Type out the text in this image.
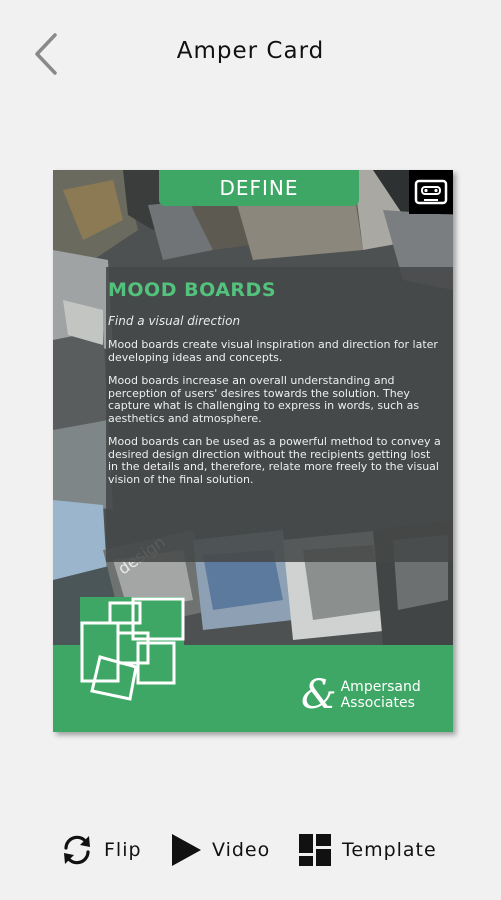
Amper Card
DEFINE
MOOD BOARDS
Find a visual direction
Mood boards create visual inspiration and direction for later developing ideas and concepts.
Mood boards increase an overall understanding and perception of users' desires towards the solution. They capture what is challenging to express in words, such as aesthetics and atmosphere.
Mood boards can be used as a powerful method to convey a desired design direction without the recipients getting lost in the details and, therefore, relate more freely to the visual vision of the final solution.
& Ampersand
Associates
Flip	Video	Template
